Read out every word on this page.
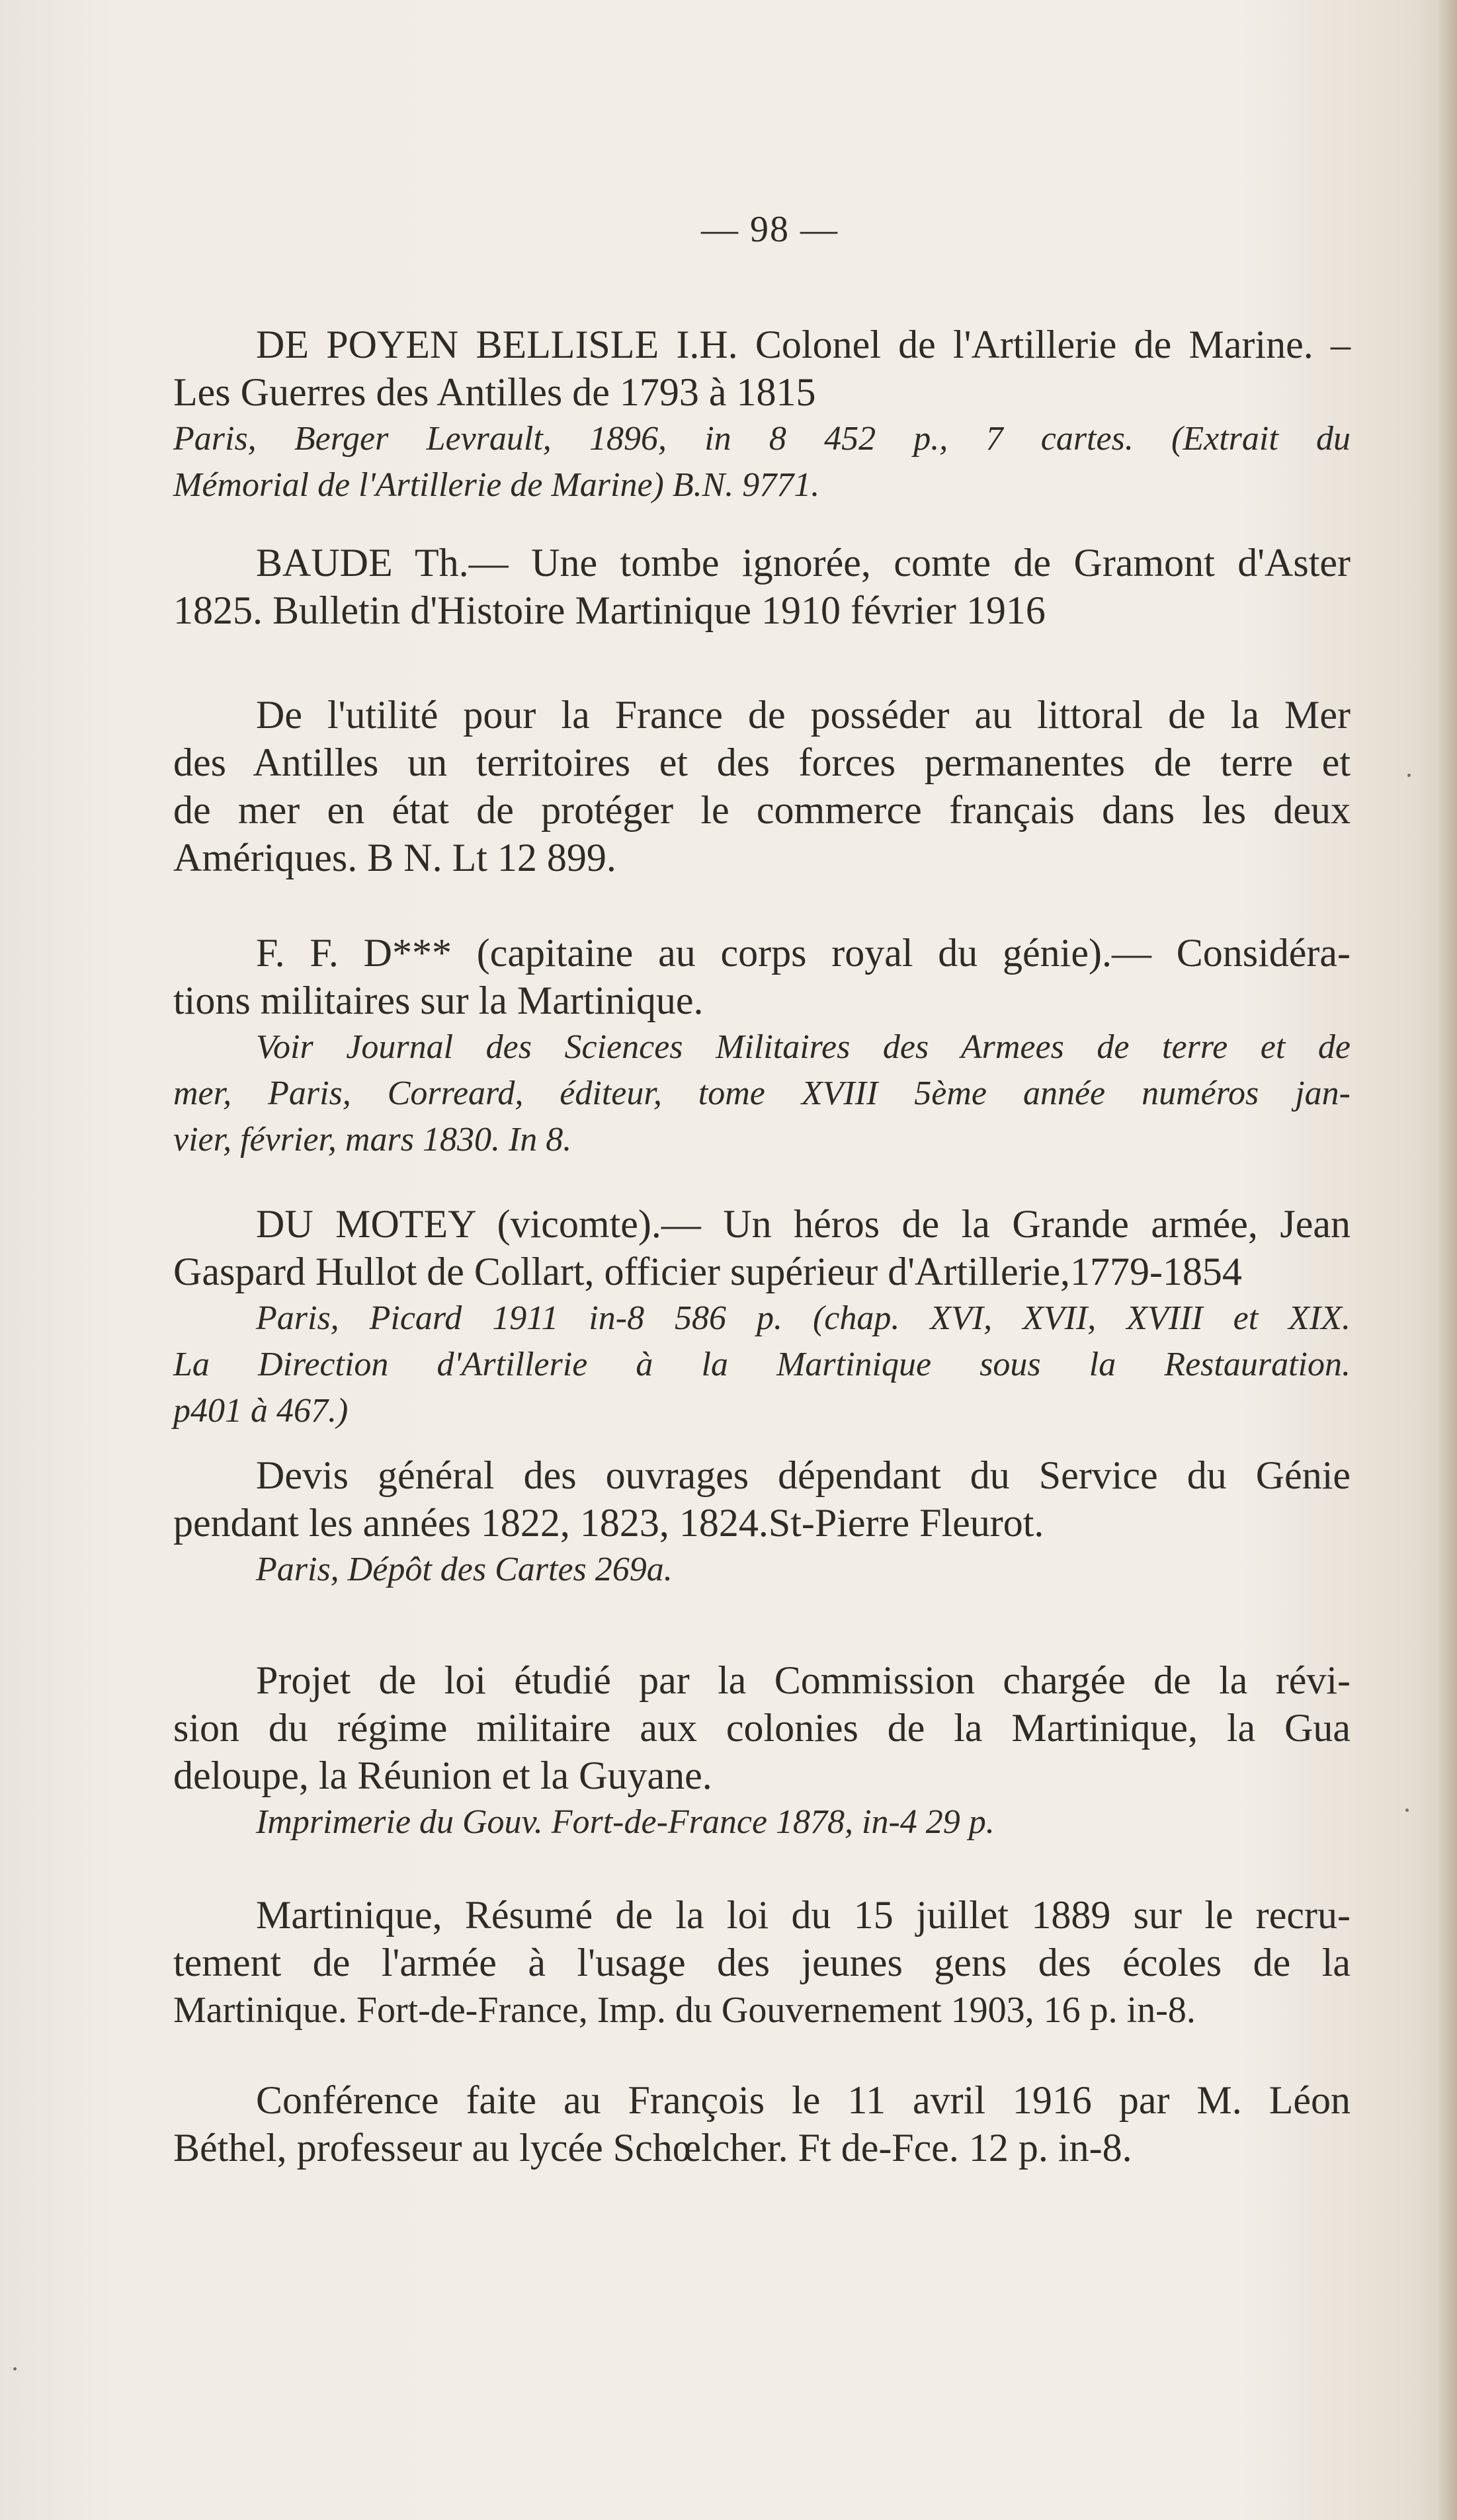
— 98 —
DE POYEN BELLISLE I.H. Colonel de l'Artillerie de Marine. –
Les Guerres des Antilles de 1793 à 1815
Paris, Berger Levrault, 1896, in 8 452 p., 7 cartes. (Extrait du
Mémorial de l'Artillerie de Marine) B.N. 9771.
BAUDE Th.— Une tombe ignorée, comte de Gramont d'Aster
1825. Bulletin d'Histoire Martinique 1910 février 1916
De l'utilité pour la France de posséder au littoral de la Mer
des Antilles un territoires et des forces permanentes de terre et
de mer en état de protéger le commerce français dans les deux
Amériques. B N. Lt 12 899.
F. F. D*** (capitaine au corps royal du génie).— Considéra-
tions militaires sur la Martinique.
Voir Journal des Sciences Militaires des Armees de terre et de
mer, Paris, Correard, éditeur, tome XVIII 5ème année numéros jan-
vier, février, mars 1830. In 8.
DU MOTEY (vicomte).— Un héros de la Grande armée, Jean
Gaspard Hullot de Collart, officier supérieur d'Artillerie,1779-1854
Paris, Picard 1911 in-8 586 p. (chap. XVI, XVII, XVIII et XIX.
La Direction d'Artillerie à la Martinique sous la Restauration.
p401 à 467.)
Devis général des ouvrages dépendant du Service du Génie
pendant les années 1822, 1823, 1824.St-Pierre Fleurot.
Paris, Dépôt des Cartes 269a.
Projet de loi étudié par la Commission chargée de la révi-
sion du régime militaire aux colonies de la Martinique, la Gua
deloupe, la Réunion et la Guyane.
Imprimerie du Gouv. Fort-de-France 1878, in-4 29 p.
Martinique, Résumé de la loi du 15 juillet 1889 sur le recru-
tement de l'armée à l'usage des jeunes gens des écoles de la
Martinique. Fort-de-France, Imp. du Gouvernement 1903, 16 p. in-8.
Conférence faite au François le 11 avril 1916 par M. Léon
Béthel, professeur au lycée Schœlcher. Ft de-Fce. 12 p. in-8.
